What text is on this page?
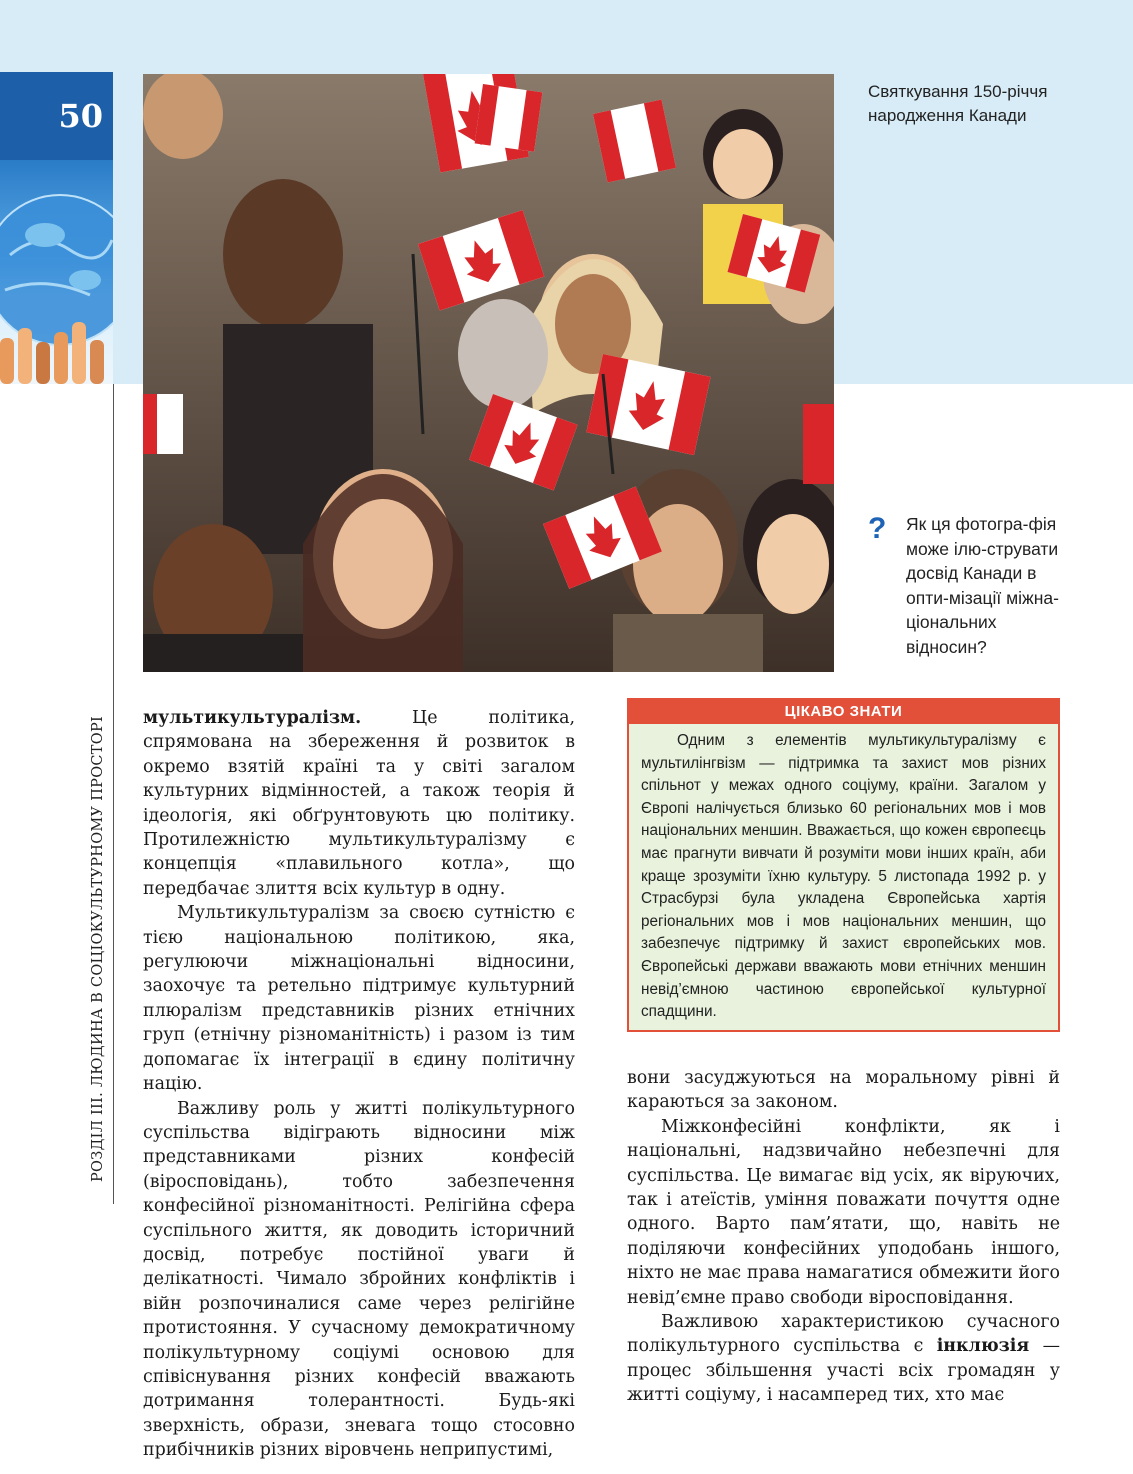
50
РОЗДІЛ ІІІ. ЛЮДИНА В СОЦІОКУЛЬТУРНОМУ ПРОСТОРІ
Святкування 150-річчя народження Канади
? Як ця фотогра-фія може ілю-струвати досвід Канади в опти-мізації міжна-ціональних відносин?

мультикультуралізм. Це політика, спрямована на збереження й розвиток в окремо взятій країні та у світі загалом культурних відмінностей, а також теорія й ідеологія, які обґрунтовують цю політику. Протилежністю мультикультуралізму є концепція «плавильного котла», що передбачає злиття всіх культур в одну.

Мультикультуралізм за своєю сутністю є тією національною політикою, яка, регулюючи міжнаціональні відносини, заохочує та ретельно підтримує культурний плюралізм представників різних етнічних груп (етнічну різноманітність) і разом із тим допомагає їх інтеграції в єдину політичну націю.

Важливу роль у житті полікультурного суспільства відіграють відносини між представниками різних конфесій (віросповідань), тобто забезпечення конфесійної різноманітності. Релігійна сфера суспільного життя, як доводить історичний досвід, потребує постійної уваги й делікатності. Чимало збройних конфліктів і війн розпочиналися саме через релігійне протистояння. У сучасному демократичному полікультурному соціумі основою для співіснування різних конфесій вважають дотримання толерантності. Будь-які зверхність, образи, зневага тощо стосовно прибічників різних віровчень неприпустимі,

ЦІКАВО ЗНАТИ
Одним з елементів мультикультуралізму є мультилінгвізм — підтримка та захист мов різних спільнот у межах одного соціуму, країни. Загалом у Європі налічується близько 60 регіональних мов і мов національних меншин. Вважається, що кожен європеєць має прагнути вивчати й розуміти мови інших країн, аби краще зрозуміти їхню культуру. 5 листопада 1992 р. у Страсбурзі була укладена Європейська хартія регіональних мов і мов національних меншин, що забезпечує підтримку й захист європейських мов. Європейські держави вважають мови етнічних меншин невід’ємною частиною європейської культурної спадщини.

вони засуджуються на моральному рівні й караються за законом.

Міжконфесійні конфлікти, як і національні, надзвичайно небезпечні для суспільства. Це вимагає від усіх, як віруючих, так і атеїстів, уміння поважати почуття одне одного. Варто пам’ятати, що, навіть не поділяючи конфесійних уподобань іншого, ніхто не має права намагатися обмежити його невід’ємне право свободи віросповідання.

Важливою характеристикою сучасного полікультурного суспільства є інклюзія — процес збільшення участі всіх громадян у житті соціуму, і насамперед тих, хто має
